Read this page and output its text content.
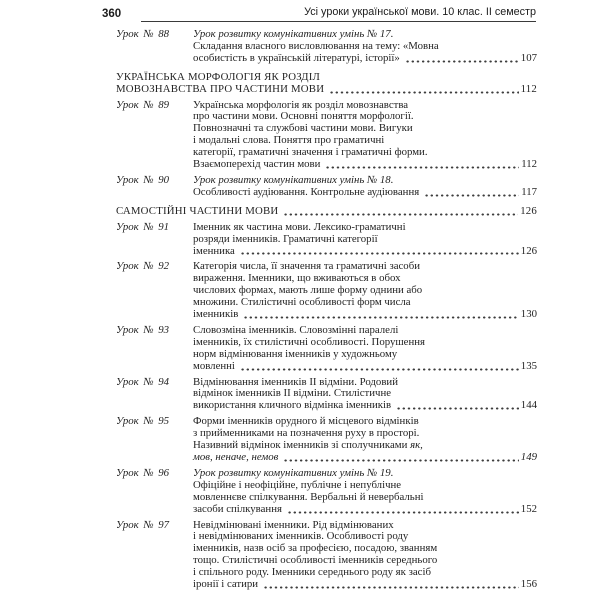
360	Усі уроки української мови. 10 клас. ІІ семестр
Урок № 88	Урок розвитку комунікативних умінь № 17.
Складання власного висловлювання на тему: «Мовна
особистість в українській літературі, історії»	107
УКРАЇНСЬКА МОРФОЛОГІЯ ЯК РОЗДІЛ
МОВОЗНАВСТВА ПРО ЧАСТИНИ МОВИ	112
Урок № 89	Українська морфологія як розділ мовознавства
про частини мови. Основні поняття морфології.
Повнозначні та службові частини мови. Вигуки
і модальні слова. Поняття про граматичні
категорії, граматичні значення і граматичні форми.
Взаємоперехід частин мови	112
Урок № 90	Урок розвитку комунікативних умінь № 18.
Особливості аудіювання. Контрольне аудіювання	117
САМОСТІЙНІ ЧАСТИНИ МОВИ	126
Урок № 91	Іменник як частина мови. Лексико-граматичні
розряди іменників. Граматичні категорії
іменника	126
Урок № 92	Категорія числа, її значення та граматичні засоби
вираження. Іменники, що вживаються в обох
числових формах, мають лише форму однини або
множини. Стилістичні особливості форм числа
іменників	130
Урок № 93	Словозміна іменників. Словозмінні паралелі
іменників, їх стилістичні особливості. Порушення
норм відмінювання іменників у художньому
мовленні	135
Урок № 94	Відмінювання іменників ІІ відміни. Родовий
відмінок іменників ІІ відміни. Стилістичне
використання кличного відмінка іменників	144
Урок № 95	Форми іменників орудного й місцевого відмінків
з прийменниками на позначення руху в просторі.
Називний відмінок іменників зі сполучниками як,
мов, неначе, немов	149
Урок № 96	Урок розвитку комунікативних умінь № 19.
Офіційне і неофіційне, публічне і непублічне
мовленнєве спілкування. Вербальні й невербальні
засоби спілкування	152
Урок № 97	Невідмінювані іменники. Рід відмінюваних
і невідмінюваних іменників. Особливості роду
іменників, назв осіб за професією, посадою, званням
тощо. Стилістичні особливості іменників середнього
і спільного роду. Іменники середнього роду як засіб
іронії і сатири	156
